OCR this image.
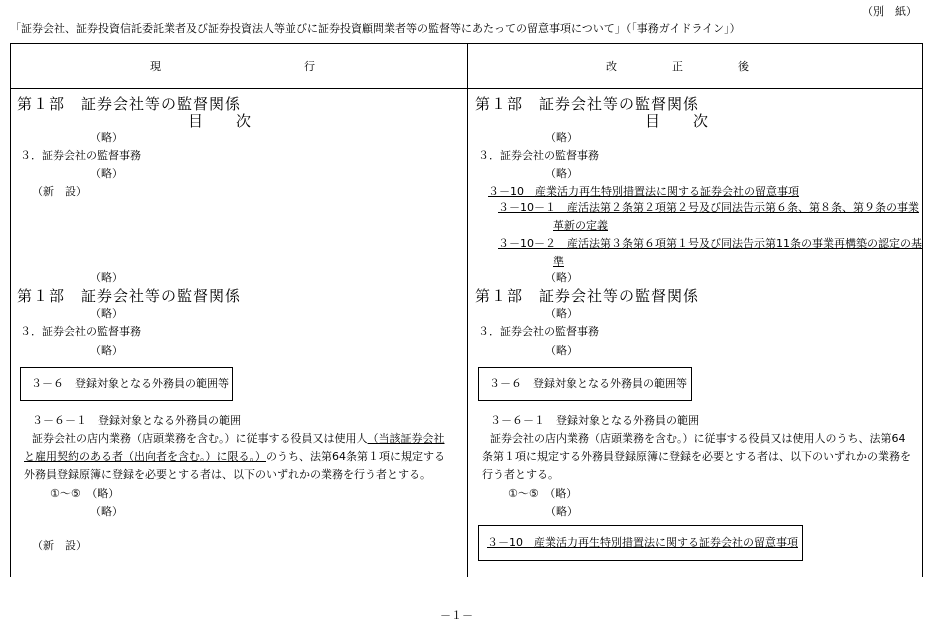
（別　紙）
「証券会社、証券投資信託委託業者及び証券投資法人等並びに証券投資顧問業者等の監督等にあたっての留意事項について」（「事務ガイドライン」）
現　　　　　　　　　　　　　行	改　　　　　正　　　　　後
第１部　証券会社等の監督関係
目　　次
（略）
３．証券会社の監督事務
（略）
（新　設）
（略）
第１部　証券会社等の監督関係
（略）
３．証券会社の監督事務
（略）
３－６　登録対象となる外務員の範囲等
３－６－１　登録対象となる外務員の範囲
証券会社の店内業務（店頭業務を含む。）に従事する役員又は使用人（当該証券会社
と雇用契約のある者（出向者を含む。）に限る。）のうち、法第64条第１項に規定する
外務員登録原簿に登録を必要とする者は、以下のいずれかの業務を行う者とする。
①～⑤　（略）
（略）
（新　設）
第１部　証券会社等の監督関係
目　　次
（略）
３．証券会社の監督事務
（略）
３－10　産業活力再生特別措置法に関する証券会社の留意事項
３－10－１　産活法第２条第２項第２号及び同法告示第６条、第８条、第９条の事業
革新の定義
３－10－２　産活法第３条第６項第１号及び同法告示第11条の事業再構築の認定の基
準
（略）
第１部　証券会社等の監督関係
（略）
３．証券会社の監督事務
（略）
３－６　登録対象となる外務員の範囲等
３－６－１　登録対象となる外務員の範囲
証券会社の店内業務（店頭業務を含む。）に従事する役員又は使用人のうち、法第64
条第１項に規定する外務員登録原簿に登録を必要とする者は、以下のいずれかの業務を
行う者とする。
①～⑤　（略）
（略）
３－10　産業活力再生特別措置法に関する証券会社の留意事項
－１－
